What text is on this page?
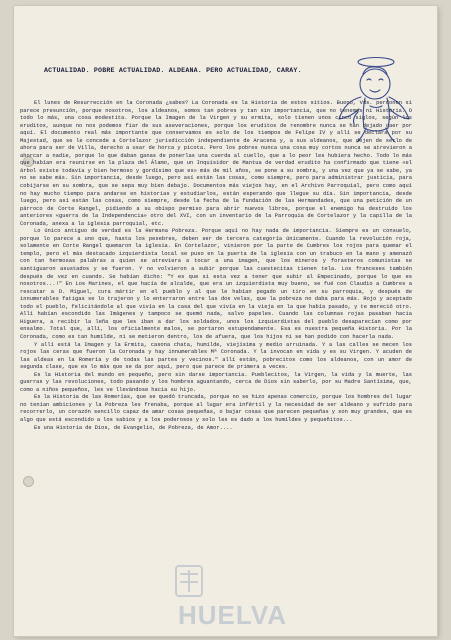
ACTUALIDAD. POBRE ACTUALIDAD. ALDEANA. PERO ACTUALIDAD, CARAY.

El lunes de Resurrección en la Coronada ¿sabes? La Coronada es la Historia de estos sitios. Bueno, Vds. perdonen si parece presunción, porque nosotros, los aldeanos, somos tan pobres y tan sin importancia, que no tenemos ni Historia. O todo lo más, una cosa modestita. Porque la Imagen de la Virgen y su ermita, solo tienen unos cinco siglos, según los eruditos, aunque no nos podemos fiar de sus aseveraciones, porque los eruditos de renombre nunca se han dejado caer por aquí. El documento real más importante que conservamos es solo de los tiempos de Felipe IV y allí se declara por su Majestad, que se le concede a Cortelazor jurisdicción independiente de Aracena y, a sus aldeanos, que dejen de serlo de ahora para ser de Villa, derecho a usar de horca y picota. Pero los pobres nunca una cosa muy cortos nunca se atrevieron a ahorcar a nadie, porque lo que daban ganas de ponerlas una cuerda al cuello, que a lo peor les hubiera hecho. Todo lo más que habían era reunirse en la plaza del Álamo, que un Inquisidor de Mantua de verdad erudito ha confirmado que tiene «el árbol existe todavía y bien hermoso y gordísimo que es» más de mil años, se pone a su sombra, y una vez que ya se sabe, ya no se sabe más. Sin importancia, desde luego, pero así están las cosas, como siempre, pero para administrar justicia, para cobijarse en su sombra, que se sepa muy bien debajo. Documentos más viejos hay, en el Archivo Parroquial, pero como aquí no hay mucho tiempo para andarse en historias y estudiarlos, están esperando que llegue su día. Sin importancia, desde luego, pero así están las cosas, como siempre, desde la fecha de la fundación de las Hermandades, que una petición de un párroco de Corte Rangel, pidiendo a su obispo permiso para abrir nuevos libros, porque el enemigo ha destruido los anteriores «guerra de la Independencia» otro del XVI, con un inventario de la Parroquia de Cortelazor y la capilla de la Coronada, anexa a la iglesia parroquial, etc.

Lo único antiguo de verdad es la Hermana Pobreza. Porque aquí no hay nada de importancia. Siempre es un consuelo, porque lo parece a uno que, hasta los pesebres, deben ser de tercera categoría únicamente. Cuando la revolución roja, solamente en Corte Rangel quemaron la iglesia. En Cortelazor, vinieron por la parte de Cumbres los rojos para quemar el templo, pero el más destacado izquierdista local se puso en la puerta de la iglesia con un trabuco en la mano y amenazó con tan hermosas palabras a quien se atreviera a tocar a una imagen, que los mineros y forasteros comunistas se santiguaron asustados y se fueron. Y no volvieron a subir porque las cuestecitas tienen tela. Los franceses también después de vez en cuando. Se habían dicho: "Y es que si esta vez a tener que subir al Empecinado, porque lo que es nosotros...!" En Los Marines, el que hacía de alcalde, que era un izquierdista muy bueno, se fué con Claudio a Cumbres a rescatar a D. Miguel, cura mártir en el pueblo y al que le habían pegado un tiro en su parroquia, y después de innumerables fatigas se lo trajeron y lo enterraron entre las dos velas, que la pobreza no daba para más. Rojo y aceptado todo el pueblo, felicitándole al que vivía en la casa del que vivía en la vieja en la que había pasado, y te mereció otro. Allí habían escondido las Imágenes y tampoco se quemó nada, salvo papeles. Cuando las columnas rojas pasaban hacia Higuera, a recibir la leña que les iban a dar los soldados, unos los izquierdistas del pueblo desaparecían como por ensalmo. Total que, allí, los oficialmente malos, se portaron estupendamente. Esa es nuestra pequeña Historia. Por la Coronada, como es tan humilde, ni se metieron dentro, los de afuera, que los hijos ni se han podido con hacerla nada.

Y allí está la Imagen y la Ermita, casona chata, humilde, viejísima y medio arruinada. Y a las calles se mecen los rojos las ceras que fueron la Coronada y hay innumerables Mª Coronada. Y la invocan en vida y es su Virgen. Y acuden de las aldeas en la Romería y de todas las partes y vecinos." allí están, pobrecitos como los aldeanos, con un amor de segunda clase, que es lo más que se da por aquí, pero que parece de primera a veces.

Es la Historia del mundo en pequeño, pero sin darse importancia. Pueblecitos, la Virgen, la vida y la muerte, las guerras y las revoluciones, todo pasando y los hombres aguantando, cerca de Dios sin saberlo, por su Madre Santísima, que, como a niños pequeños, les ve llevándose hacia su hijo.

Es la Historia de las Romerías, que se quedó truncada, porque no se hizo apenas comercio, porque los hombres del lugar no tenían ambiciones y la Pobreza les frenaba, porque al lugar era infértil y la necesidad de ser aldeano y sufrido para recorrerlo, un corazón sencillo capaz de amar cosas pequeñas, o bajar cosas que parecen pequeñas y son muy grandes, que es algo que está escondido a los sabios y a los poderosos y solo les es dado a los humildes y pequeñitos...

Es una Historia de Dios, de Evangelio, de Pobreza, de Amor....

HUELVA
